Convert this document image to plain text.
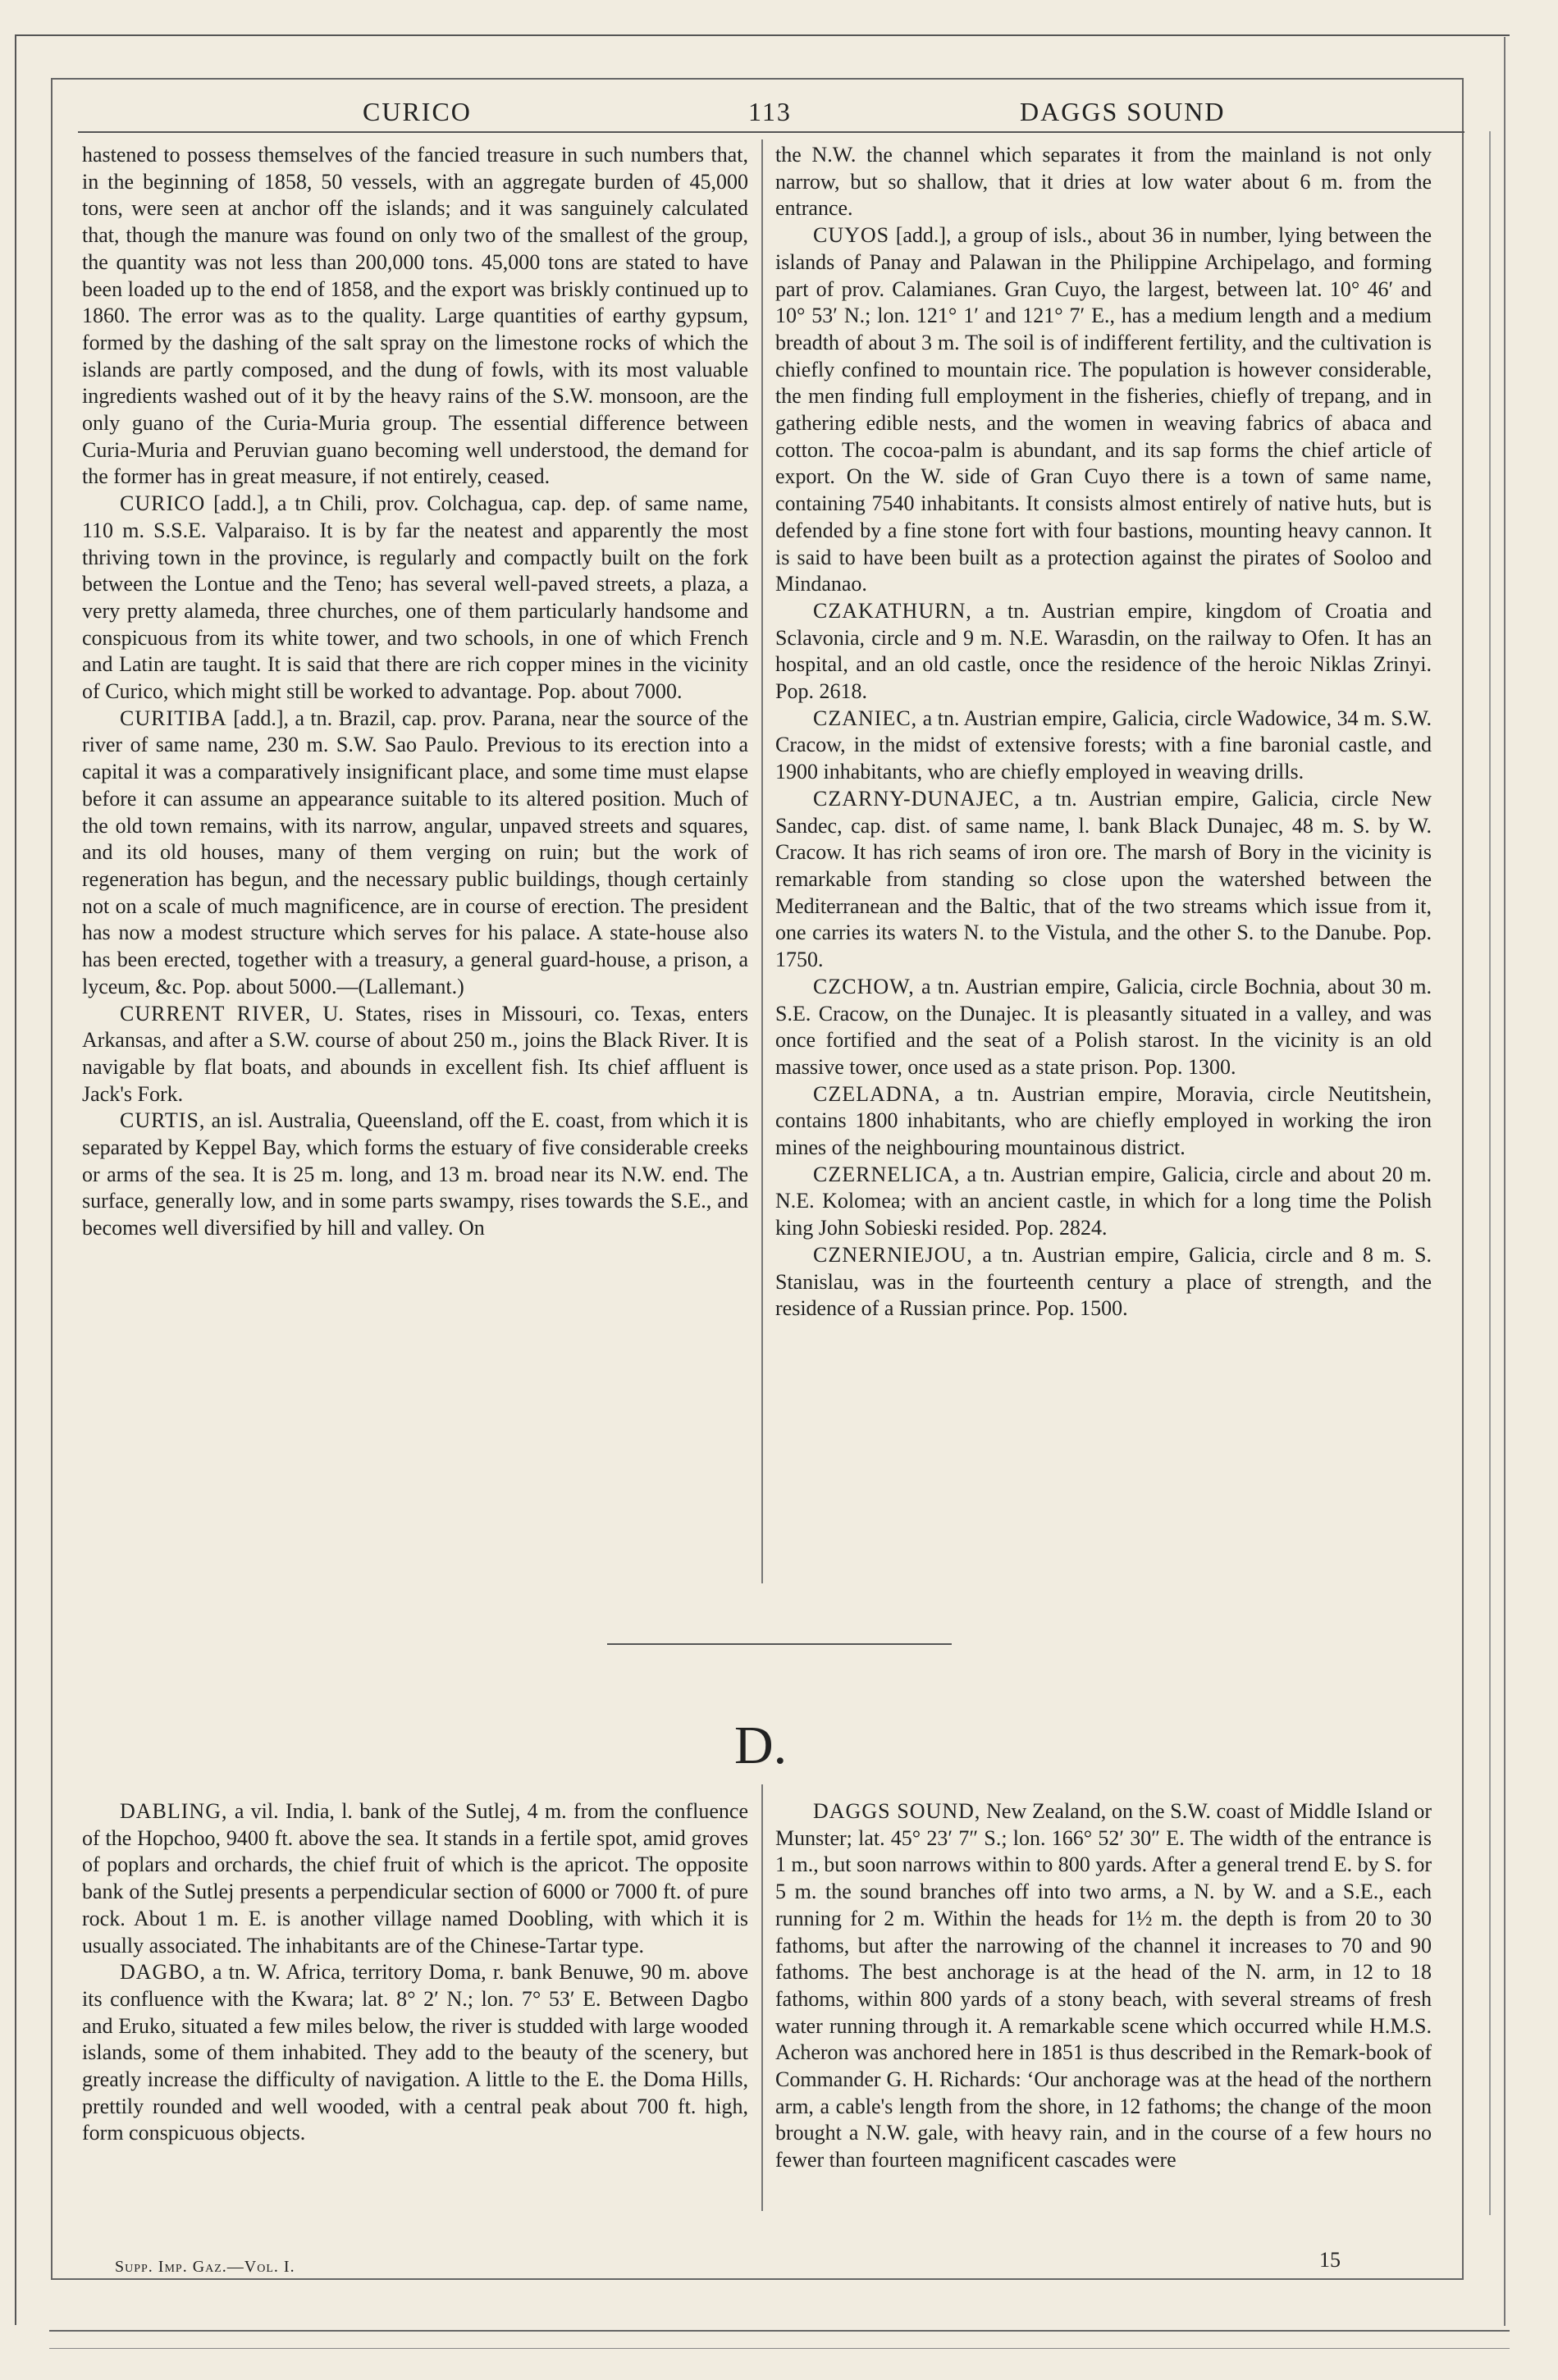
CURICO	113	DAGGS SOUND

hastened to possess themselves of the fancied treasure in such numbers that, in the beginning of 1858, 50 vessels, with an aggregate burden of 45,000 tons, were seen at anchor off the islands; and it was sanguinely calculated that, though the manure was found on only two of the smallest of the group, the quantity was not less than 200,000 tons. 45,000 tons are stated to have been loaded up to the end of 1858, and the export was briskly continued up to 1860. The error was as to the quality. Large quantities of earthy gypsum, formed by the dashing of the salt spray on the limestone rocks of which the islands are partly composed, and the dung of fowls, with its most valuable ingredients washed out of it by the heavy rains of the S.W. monsoon, are the only guano of the Curia-Muria group. The essential difference between Curia-Muria and Peruvian guano becoming well understood, the demand for the former has in great measure, if not entirely, ceased.

CURICO [add.], a tn Chili, prov. Colchagua, cap. dep. of same name, 110 m. S.S.E. Valparaiso. It is by far the neatest and apparently the most thriving town in the province, is regularly and compactly built on the fork between the Lontue and the Teno; has several well-paved streets, a plaza, a very pretty alameda, three churches, one of them particularly handsome and conspicuous from its white tower, and two schools, in one of which French and Latin are taught. It is said that there are rich copper mines in the vicinity of Curico, which might still be worked to advantage. Pop. about 7000.

CURITIBA [add.], a tn. Brazil, cap. prov. Parana, near the source of the river of same name, 230 m. S.W. Sao Paulo. Previous to its erection into a capital it was a comparatively insignificant place, and some time must elapse before it can assume an appearance suitable to its altered position. Much of the old town remains, with its narrow, angular, unpaved streets and squares, and its old houses, many of them verging on ruin; but the work of regeneration has begun, and the necessary public buildings, though certainly not on a scale of much magnificence, are in course of erection. The president has now a modest structure which serves for his palace. A state-house also has been erected, together with a treasury, a general guard-house, a prison, a lyceum, &c. Pop. about 5000.—(Lallemant.)

CURRENT RIVER, U. States, rises in Missouri, co. Texas, enters Arkansas, and after a S.W. course of about 250 m., joins the Black River. It is navigable by flat boats, and abounds in excellent fish. Its chief affluent is Jack's Fork.

CURTIS, an isl. Australia, Queensland, off the E. coast, from which it is separated by Keppel Bay, which forms the estuary of five considerable creeks or arms of the sea. It is 25 m. long, and 13 m. broad near its N.W. end. The surface, generally low, and in some parts swampy, rises towards the S.E., and becomes well diversified by hill and valley. On

the N.W. the channel which separates it from the mainland is not only narrow, but so shallow, that it dries at low water about 6 m. from the entrance.

CUYOS [add.], a group of isls., about 36 in number, lying between the islands of Panay and Palawan in the Philippine Archipelago, and forming part of prov. Calamianes. Gran Cuyo, the largest, between lat. 10° 46′ and 10° 53′ N.; lon. 121° 1′ and 121° 7′ E., has a medium length and a medium breadth of about 3 m. The soil is of indifferent fertility, and the cultivation is chiefly confined to mountain rice. The population is however considerable, the men finding full employment in the fisheries, chiefly of trepang, and in gathering edible nests, and the women in weaving fabrics of abaca and cotton. The cocoa-palm is abundant, and its sap forms the chief article of export. On the W. side of Gran Cuyo there is a town of same name, containing 7540 inhabitants. It consists almost entirely of native huts, but is defended by a fine stone fort with four bastions, mounting heavy cannon. It is said to have been built as a protection against the pirates of Sooloo and Mindanao.

CZAKATHURN, a tn. Austrian empire, kingdom of Croatia and Sclavonia, circle and 9 m. N.E. Warasdin, on the railway to Ofen. It has an hospital, and an old castle, once the residence of the heroic Niklas Zrinyi. Pop. 2618.

CZANIEC, a tn. Austrian empire, Galicia, circle Wadowice, 34 m. S.W. Cracow, in the midst of extensive forests; with a fine baronial castle, and 1900 inhabitants, who are chiefly employed in weaving drills.

CZARNY-DUNAJEC, a tn. Austrian empire, Galicia, circle New Sandec, cap. dist. of same name, l. bank Black Dunajec, 48 m. S. by W. Cracow. It has rich seams of iron ore. The marsh of Bory in the vicinity is remarkable from standing so close upon the watershed between the Mediterranean and the Baltic, that of the two streams which issue from it, one carries its waters N. to the Vistula, and the other S. to the Danube. Pop. 1750.

CZCHOW, a tn. Austrian empire, Galicia, circle Bochnia, about 30 m. S.E. Cracow, on the Dunajec. It is pleasantly situated in a valley, and was once fortified and the seat of a Polish starost. In the vicinity is an old massive tower, once used as a state prison. Pop. 1300.

CZELADNA, a tn. Austrian empire, Moravia, circle Neutitshein, contains 1800 inhabitants, who are chiefly employed in working the iron mines of the neighbouring mountainous district.

CZERNELICA, a tn. Austrian empire, Galicia, circle and about 20 m. N.E. Kolomea; with an ancient castle, in which for a long time the Polish king John Sobieski resided. Pop. 2824.

CZNERNIEJOU, a tn. Austrian empire, Galicia, circle and 8 m. S. Stanislau, was in the fourteenth century a place of strength, and the residence of a Russian prince. Pop. 1500.

D.

DABLING, a vil. India, l. bank of the Sutlej, 4 m. from the confluence of the Hopchoo, 9400 ft. above the sea. It stands in a fertile spot, amid groves of poplars and orchards, the chief fruit of which is the apricot. The opposite bank of the Sutlej presents a perpendicular section of 6000 or 7000 ft. of pure rock. About 1 m. E. is another village named Doobling, with which it is usually associated. The inhabitants are of the Chinese-Tartar type.

DAGBO, a tn. W. Africa, territory Doma, r. bank Benuwe, 90 m. above its confluence with the Kwara; lat. 8° 2′ N.; lon. 7° 53′ E. Between Dagbo and Eruko, situated a few miles below, the river is studded with large wooded islands, some of them inhabited. They add to the beauty of the scenery, but greatly increase the difficulty of navigation. A little to the E. the Doma Hills, prettily rounded and well wooded, with a central peak about 700 ft. high, form conspicuous objects.

DAGGS SOUND, New Zealand, on the S.W. coast of Middle Island or Munster; lat. 45° 23′ 7″ S.; lon. 166° 52′ 30″ E. The width of the entrance is 1 m., but soon narrows within to 800 yards. After a general trend E. by S. for 5 m. the sound branches off into two arms, a N. by W. and a S.E., each running for 2 m. Within the heads for 1½ m. the depth is from 20 to 30 fathoms, but after the narrowing of the channel it increases to 70 and 90 fathoms. The best anchorage is at the head of the N. arm, in 12 to 18 fathoms, within 800 yards of a stony beach, with several streams of fresh water running through it. A remarkable scene which occurred while H.M.S. Acheron was anchored here in 1851 is thus described in the Remark-book of Commander G. H. Richards: ‘Our anchorage was at the head of the northern arm, a cable's length from the shore, in 12 fathoms; the change of the moon brought a N.W. gale, with heavy rain, and in the course of a few hours no fewer than fourteen magnificent cascades were

Supp. Imp. Gaz.—Vol. I.	15
